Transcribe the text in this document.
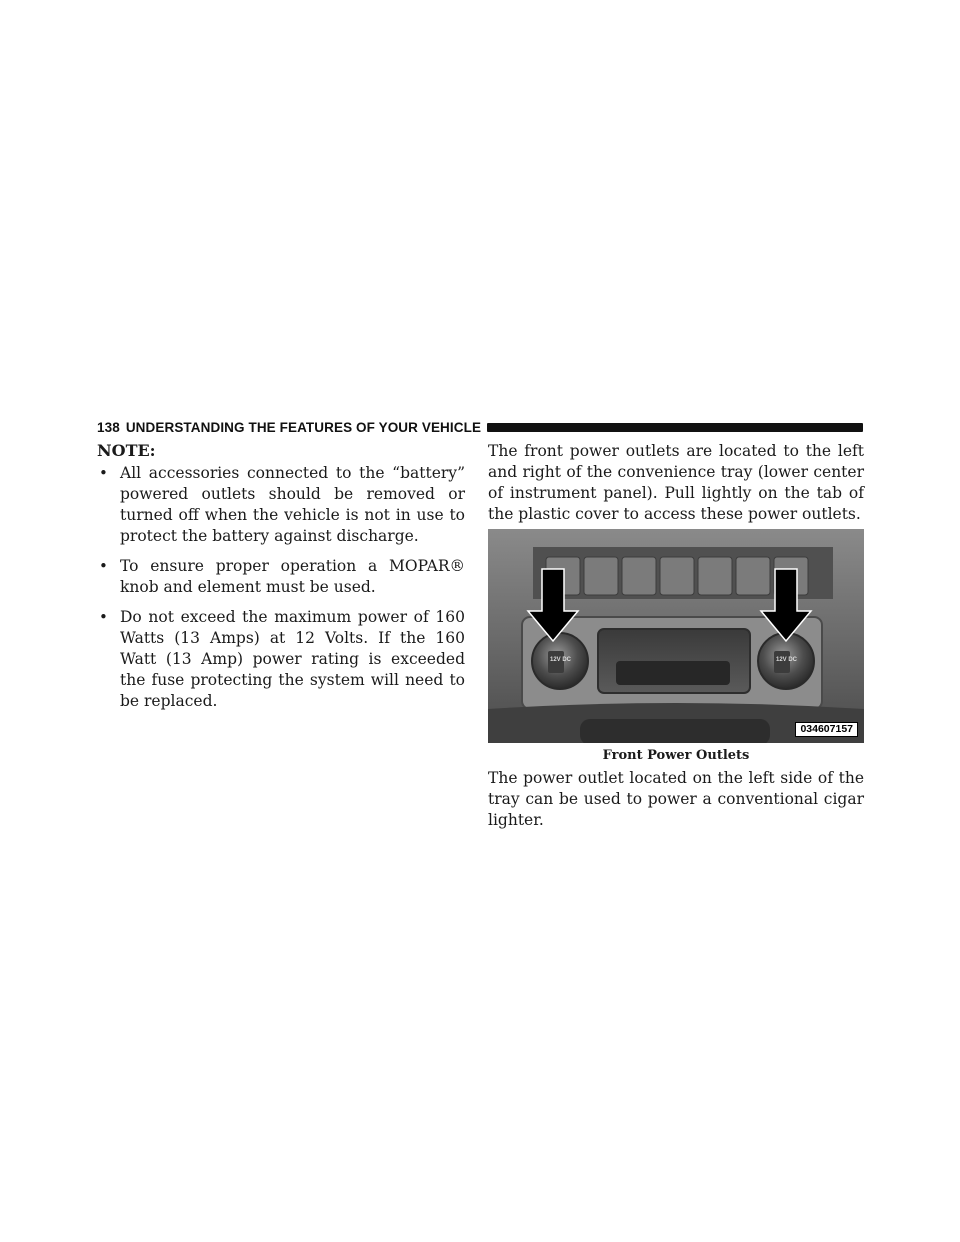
138 UNDERSTANDING THE FEATURES OF YOUR VEHICLE
NOTE:
• All accessories connected to the “battery” powered outlets should be removed or turned off when the vehicle is not in use to protect the battery against discharge.
• To ensure proper operation a MOPAR® knob and element must be used.
• Do not exceed the maximum power of 160 Watts (13 Amps) at 12 Volts. If the 160 Watt (13 Amp) power rating is exceeded the fuse protecting the system will need to be replaced.

The front power outlets are located to the left and right of the convenience tray (lower center of instrument panel). Pull lightly on the tab of the plastic cover to access these power outlets.

12V DC	12V DC
034607157
Front Power Outlets

The power outlet located on the left side of the tray can be used to power a conventional cigar lighter.
